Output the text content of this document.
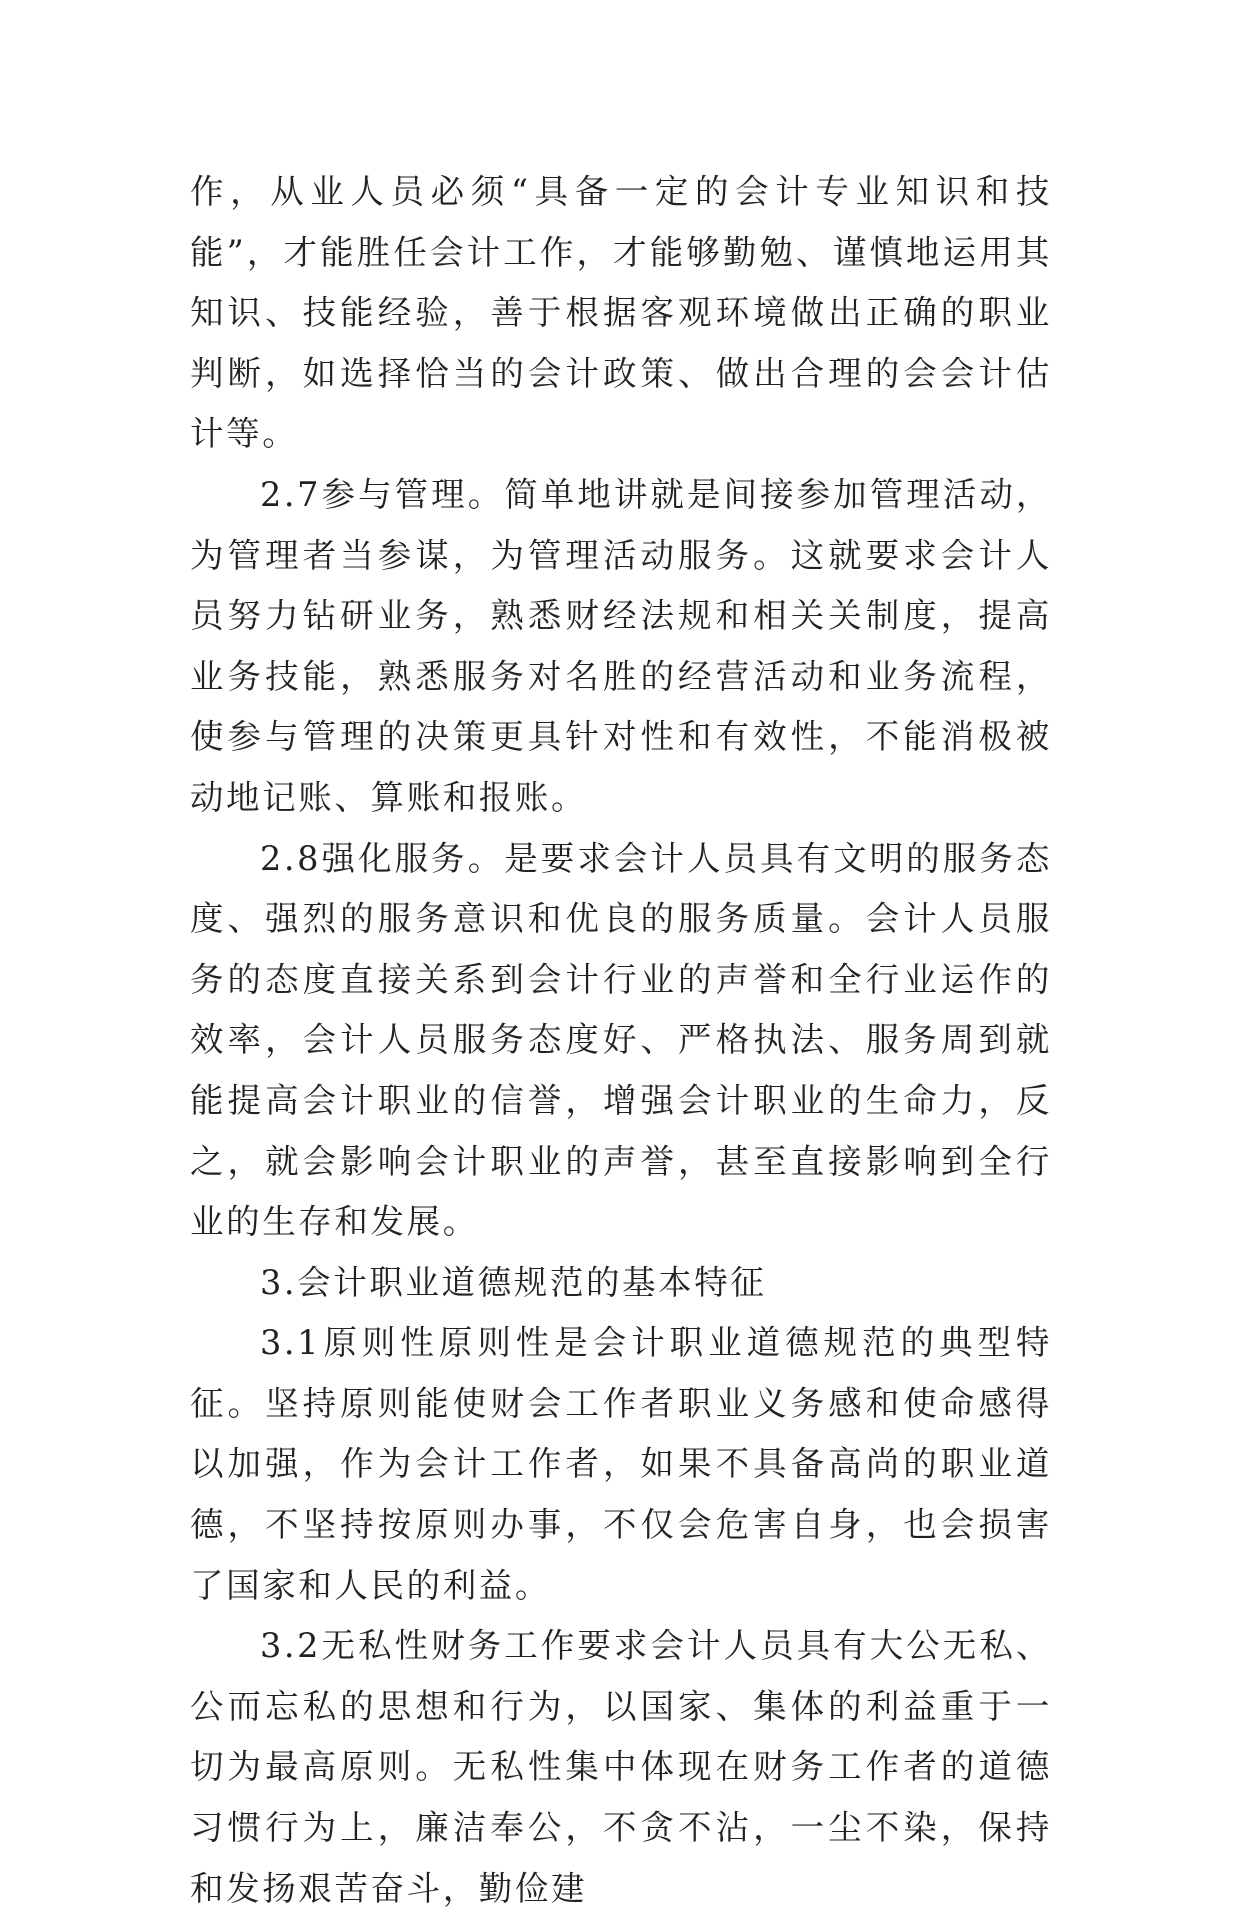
作，从业人员必须“具备一定的会计专业知识和技能”，才能胜任会计工作，才能够勤勉、谨慎地运用其知识、技能经验，善于根据客观环境做出正确的职业判断，如选择恰当的会计政策、做出合理的会会计估计等。

2.7参与管理。简单地讲就是间接参加管理活动，为管理者当参谋，为管理活动服务。这就要求会计人员努力钻研业务，熟悉财经法规和相关关制度，提高业务技能，熟悉服务对名胜的经营活动和业务流程，使参与管理的决策更具针对性和有效性，不能消极被动地记账、算账和报账。

2.8强化服务。是要求会计人员具有文明的服务态度、强烈的服务意识和优良的服务质量。会计人员服务的态度直接关系到会计行业的声誉和全行业运作的效率，会计人员服务态度好、严格执法、服务周到就能提高会计职业的信誉，增强会计职业的生命力，反之，就会影响会计职业的声誉，甚至直接影响到全行业的生存和发展。

3.会计职业道德规范的基本特征

3.1原则性原则性是会计职业道德规范的典型特征。坚持原则能使财会工作者职业义务感和使命感得以加强，作为会计工作者，如果不具备高尚的职业道德，不坚持按原则办事，不仅会危害自身，也会损害了国家和人民的利益。

3.2无私性财务工作要求会计人员具有大公无私、公而忘私的思想和行为，以国家、集体的利益重于一切为最高原则。无私性集中体现在财务工作者的道德习惯行为上，廉洁奉公，不贪不沾，一尘不染，保持和发扬艰苦奋斗，勤俭建
